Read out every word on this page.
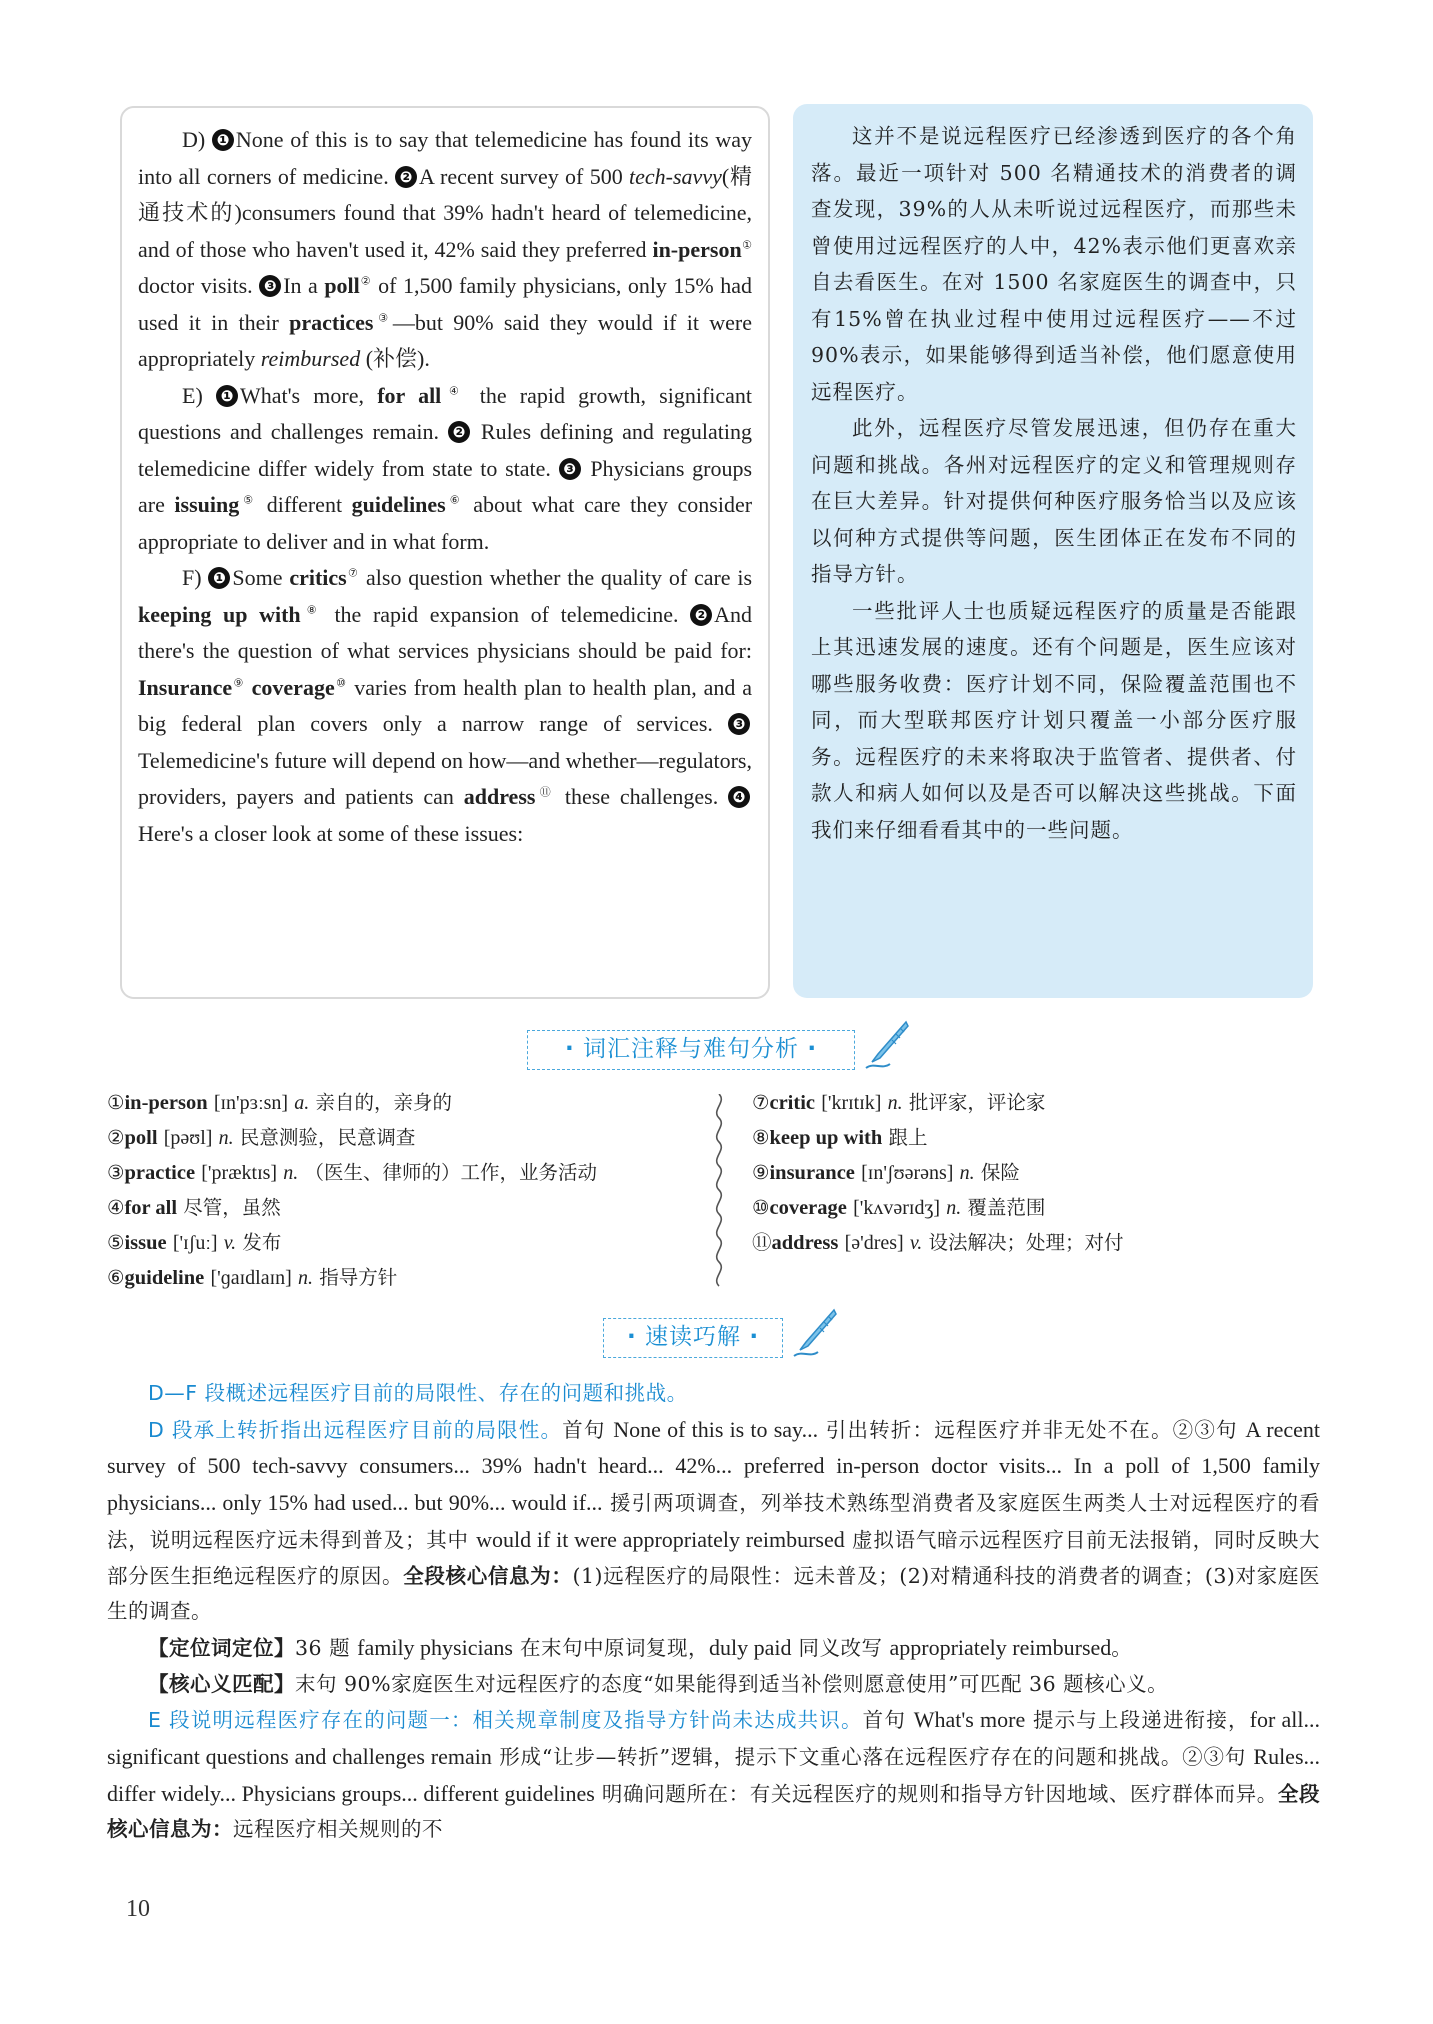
D) ❶ None of this is to say that telemedicine has found its way into all corners of medicine. ❷ A recent survey of 500 tech-savvy(精通技术的)consumers found that 39% hadn't heard of telemedicine, and of those who haven't used it, 42% said they preferred in-person① doctor visits. ❸ In a poll② of 1,500 family physicians, only 15% had used it in their practices③—but 90% said they would if it were appropriately reimbursed (补偿).

E) ❶ What's more, for all④ the rapid growth, significant questions and challenges remain. ❷ Rules defining and regulating telemedicine differ widely from state to state. ❸ Physicians groups are issuing⑤ different guidelines⑥ about what care they consider appropriate to deliver and in what form.

F) ❶ Some critics⑦ also question whether the quality of care is keeping up with⑧ the rapid expansion of telemedicine. ❷ And there's the question of what services physicians should be paid for: Insurance⑨ coverage⑩ varies from health plan to health plan, and a big federal plan covers only a narrow range of services. ❸Telemedicine's future will depend on how—and whether—regulators, providers, payers and patients can address⑪ these challenges. ❹Here's a closer look at some of these issues:

这并不是说远程医疗已经渗透到医疗的各个角落。最近一项针对 500 名精通技术的消费者的调查发现，39%的人从未听说过远程医疗，而那些未曾使用过远程医疗的人中，42%表示他们更喜欢亲自去看医生。在对 1500 名家庭医生的调查中，只有15%曾在执业过程中使用过远程医疗——不过 90%表示，如果能够得到适当补偿，他们愿意使用远程医疗。

此外，远程医疗尽管发展迅速，但仍存在重大问题和挑战。各州对远程医疗的定义和管理规则存在巨大差异。针对提供何种医疗服务恰当以及应该以何种方式提供等问题，医生团体正在发布不同的指导方针。

一些批评人士也质疑远程医疗的质量是否能跟上其迅速发展的速度。还有个问题是，医生应该对哪些服务收费：医疗计划不同，保险覆盖范围也不同，而大型联邦医疗计划只覆盖一小部分医疗服务。远程医疗的未来将取决于监管者、提供者、付款人和病人如何以及是否可以解决这些挑战。下面我们来仔细看看其中的一些问题。

· 词汇注释与难句分析 ·
①in-person [ɪn'pɜːsn] a. 亲自的，亲身的
②poll [pəʊl] n. 民意测验，民意调查
③practice ['præktɪs] n. （医生、律师的）工作，业务活动
④for all 尽管，虽然
⑤issue ['ɪʃuː] v. 发布
⑥guideline ['ɡaɪdlaɪn] n. 指导方针
⑦critic ['krɪtɪk] n. 批评家，评论家
⑧keep up with 跟上
⑨insurance [ɪn'ʃʊərəns] n. 保险
⑩coverage ['kʌvərɪdʒ] n. 覆盖范围
⑪address [ə'dres] v. 设法解决；处理；对付
· 速读巧解 ·

D—F 段概述远程医疗目前的局限性、存在的问题和挑战。

D 段承上转折指出远程医疗目前的局限性。首句 None of this is to say... 引出转折：远程医疗并非无处不在。②③句 A recent survey of 500 tech-savvy consumers... 39% hadn't heard... 42%... preferred in-person doctor visits... In a poll of 1,500 family physicians... only 15% had used... but 90%... would if... 援引两项调查，列举技术熟练型消费者及家庭医生两类人士对远程医疗的看法，说明远程医疗远未得到普及；其中 would if it were appropriately reimbursed 虚拟语气暗示远程医疗目前无法报销，同时反映大部分医生拒绝远程医疗的原因。全段核心信息为：(1)远程医疗的局限性：远未普及；(2)对精通科技的消费者的调查；(3)对家庭医生的调查。

【定位词定位】36 题 family physicians 在末句中原词复现，duly paid 同义改写 appropriately reimbursed。

【核心义匹配】末句 90%家庭医生对远程医疗的态度“如果能得到适当补偿则愿意使用”可匹配 36 题核心义。

E 段说明远程医疗存在的问题一：相关规章制度及指导方针尚未达成共识。首句 What's more 提示与上段递进衔接，for all... significant questions and challenges remain 形成“让步—转折”逻辑，提示下文重心落在远程医疗存在的问题和挑战。②③句 Rules... differ widely... Physicians groups... different guidelines 明确问题所在：有关远程医疗的规则和指导方针因地域、医疗群体而异。全段核心信息为：远程医疗相关规则的不

10
